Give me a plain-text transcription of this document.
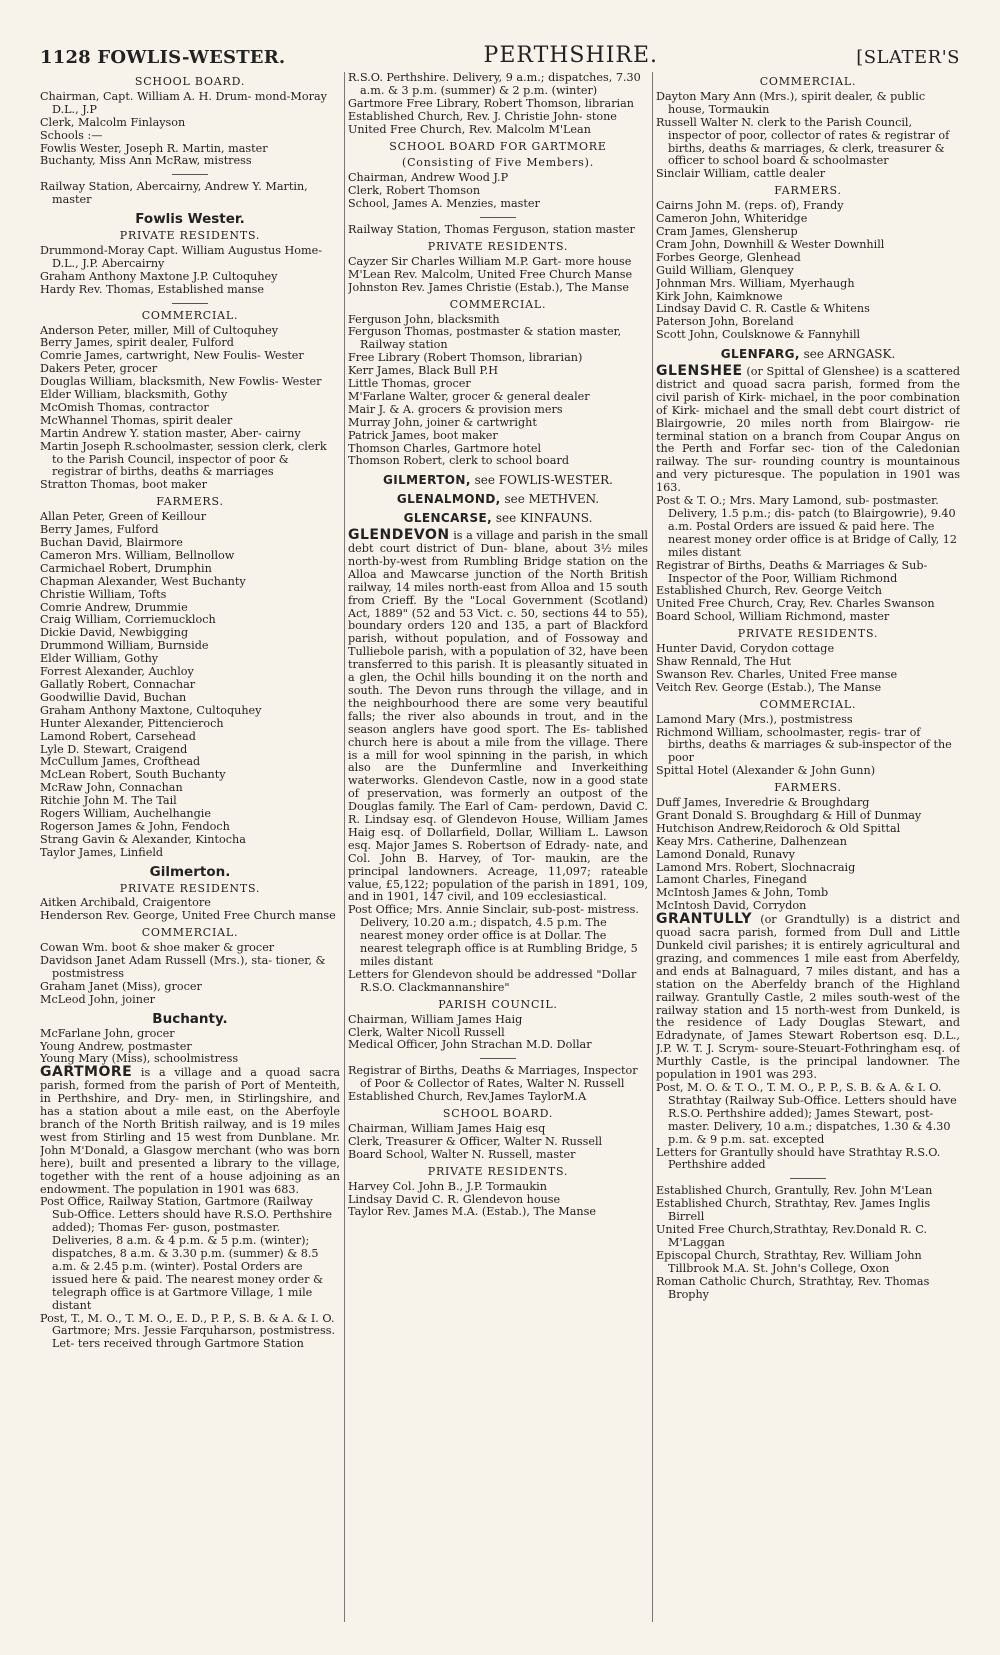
1128 FOWLIS-WESTER.	PERTHSHIRE.	[SLATER'S
SCHOOL BOARD.
Chairman, Capt. William A. H. Drum- mond-Moray D.L., J.P
Clerk, Malcolm Finlayson
Schools :—
Fowlis Wester, Joseph R. Martin, master
Buchanty, Miss Ann McRaw, mistress
Railway Station, Abercairny, Andrew Y. Martin, master
Fowlis Wester.
PRIVATE RESIDENTS.
Drummond-Moray Capt. William Augustus Home- D.L., J.P. Abercairny
Graham Anthony Maxtone J.P. Cultoquhey
Hardy Rev. Thomas, Established manse
COMMERCIAL.
Anderson Peter, miller, Mill of Cultoquhey
Berry James, spirit dealer, Fulford
Comrie James, cartwright, New Foulis- Wester
Dakers Peter, grocer
Douglas William, blacksmith, New Fowlis- Wester
Elder William, blacksmith, Gothy
McOmish Thomas, contractor
McWhannel Thomas, spirit dealer
Martin Andrew Y. station master, Aber- cairny
Martin Joseph R.schoolmaster, session clerk, clerk to the Parish Council, inspector of poor & registrar of births, deaths & marriages
Stratton Thomas, boot maker
FARMERS.
Allan Peter, Green of Keillour
Berry James, Fulford
Buchan David, Blairmore
Cameron Mrs. William, Bellnollow
Carmichael Robert, Drumphin
Chapman Alexander, West Buchanty
Christie William, Tofts
Comrie Andrew, Drummie
Craig William, Corriemuckloch
Dickie David, Newbigging
Drummond William, Burnside
Elder William, Gothy
Forrest Alexander, Auchloy
Gallatly Robert, Connachar
Goodwillie David, Buchan
Graham Anthony Maxtone, Cultoquhey
Hunter Alexander, Pittencieroch
Lamond Robert, Carsehead
Lyle D. Stewart, Craigend
McCullum James, Crofthead
McLean Robert, South Buchanty
McRaw John, Connachan
Ritchie John M. The Tail
Rogers William, Auchelhangie
Rogerson James & John, Fendoch
Strang Gavin & Alexander, Kintocha
Taylor James, Linfield
Gilmerton.
PRIVATE RESIDENTS.
Aitken Archibald, Craigentore
Henderson Rev. George, United Free Church manse
COMMERCIAL.
Cowan Wm. boot & shoe maker & grocer
Davidson Janet Adam Russell (Mrs.), sta- tioner, & postmistress
Graham Janet (Miss), grocer
McLeod John, joiner
Buchanty.
McFarlane John, grocer
Young Andrew, postmaster
Young Mary (Miss), schoolmistress
GARTMORE is a village and a quoad sacra parish, formed from the parish of Port of Menteith, in Perthshire, and Dry- men, in Stirlingshire, and has a station about a mile east, on the Aberfoyle branch of the North British railway, and is 19 miles west from Stirling and 15 west from Dunblane. Mr. John M'Donald, a Glasgow merchant (who was born here), built and presented a library to the village, together with the rent of a house adjoining as an endowment. The population in 1901 was 683.
Post Office, Railway Station, Gartmore (Railway Sub-Office. Letters should have R.S.O. Perthshire added); Thomas Fer- guson, postmaster. Deliveries, 8 a.m. & 4 p.m. & 5 p.m. (winter); dispatches, 8 a.m. & 3.30 p.m. (summer) & 8.5 a.m. & 2.45 p.m. (winter). Postal Orders are issued here & paid. The nearest money order & telegraph office is at Gartmore Village, 1 mile distant
Post, T., M. O., T. M. O., E. D., P. P., S. B. & A. & I. O. Gartmore; Mrs. Jessie Farquharson, postmistress. Let- ters received through Gartmore Station
R.S.O. Perthshire. Delivery, 9 a.m.; dispatches, 7.30 a.m. & 3 p.m. (summer) & 2 p.m. (winter)
Gartmore Free Library, Robert Thomson, librarian
Established Church, Rev. J. Christie John- stone
United Free Church, Rev. Malcolm M'Lean
SCHOOL BOARD FOR GARTMORE
(Consisting of Five Members).
Chairman, Andrew Wood J.P
Clerk, Robert Thomson
School, James A. Menzies, master
Railway Station, Thomas Ferguson, station master
PRIVATE RESIDENTS.
Cayzer Sir Charles William M.P. Gart- more house
M'Lean Rev. Malcolm, United Free Church Manse
Johnston Rev. James Christie (Estab.), The Manse
COMMERCIAL.
Ferguson John, blacksmith
Ferguson Thomas, postmaster & station master, Railway station
Free Library (Robert Thomson, librarian)
Kerr James, Black Bull P.H
Little Thomas, grocer
M'Farlane Walter, grocer & general dealer
Mair J. & A. grocers & provision mers
Murray John, joiner & cartwright
Patrick James, boot maker
Thomson Charles, Gartmore hotel
Thomson Robert, clerk to school board
GILMERTON, see FOWLIS-WESTER.
GLENALMOND, see METHVEN.
GLENCARSE, see KINFAUNS.
GLENDEVON is a village and parish in the small debt court district of Dun- blane, about 3½ miles north-by-west from Rumbling Bridge station on the Alloa and Mawcarse junction of the North British railway, 14 miles north-east from Alloa and 15 south from Crieff. By the "Local Government (Scotland) Act, 1889" (52 and 53 Vict. c. 50, sections 44 to 55), boundary orders 120 and 135, a part of Blackford parish, without population, and of Fossoway and Tulliebole parish, with a population of 32, have been transferred to this parish. It is pleasantly situated in a glen, the Ochil hills bounding it on the north and south. The Devon runs through the village, and in the neighbourhood there are some very beautiful falls; the river also abounds in trout, and in the season anglers have good sport. The Es- tablished church here is about a mile from the village. There is a mill for wool spinning in the parish, in which also are the Dunfermline and Inverkeithing waterworks. Glendevon Castle, now in a good state of preservation, was formerly an outpost of the Douglas family. The Earl of Cam- perdown, David C. R. Lindsay esq. of Glendevon House, William James Haig esq. of Dollarfield, Dollar, William L. Lawson esq. Major James S. Robertson of Edrady- nate, and Col. John B. Harvey, of Tor- maukin, are the principal landowners. Acreage, 11,097; rateable value, £5,122; population of the parish in 1891, 109, and in 1901, 147 civil, and 109 ecclesiastical.
Post Office; Mrs. Annie Sinclair, sub-post- mistress. Delivery, 10.20 a.m.; dispatch, 4.5 p.m. The nearest money order office is at Dollar. The nearest telegraph office is at Rumbling Bridge, 5 miles distant
Letters for Glendevon should be addressed "Dollar R.S.O. Clackmannanshire"
PARISH COUNCIL.
Chairman, William James Haig
Clerk, Walter Nicoll Russell
Medical Officer, John Strachan M.D. Dollar
Registrar of Births, Deaths & Marriages, Inspector of Poor & Collector of Rates, Walter N. Russell
Established Church, Rev.James TaylorM.A
SCHOOL BOARD.
Chairman, William James Haig esq
Clerk, Treasurer & Officer, Walter N. Russell
Board School, Walter N. Russell, master
PRIVATE RESIDENTS.
Harvey Col. John B., J.P. Tormaukin
Lindsay David C. R. Glendevon house
Taylor Rev. James M.A. (Estab.), The Manse
COMMERCIAL.
Dayton Mary Ann (Mrs.), spirit dealer, & public house, Tormaukin
Russell Walter N. clerk to the Parish Council, inspector of poor, collector of rates & registrar of births, deaths & marriages, & clerk, treasurer & officer to school board & schoolmaster
Sinclair William, cattle dealer
FARMERS.
Cairns John M. (reps. of), Frandy
Cameron John, Whiteridge
Cram James, Glensherup
Cram John, Downhill & Wester Downhill
Forbes George, Glenhead
Guild William, Glenquey
Johnman Mrs. William, Myerhaugh
Kirk John, Kaimknowe
Lindsay David C. R. Castle & Whitens
Paterson John, Boreland
Scott John, Coulsknowe & Fannyhill
GLENFARG, see ARNGASK.
GLENSHEE (or Spittal of Glenshee) is a scattered district and quoad sacra parish, formed from the civil parish of Kirk- michael, in the poor combination of Kirk- michael and the small debt court district of Blairgowrie, 20 miles north from Blairgow- rie terminal station on a branch from Coupar Angus on the Perth and Forfar sec- tion of the Caledonian railway. The sur- rounding country is mountainous and very picturesque. The population in 1901 was 163.
Post & T. O.; Mrs. Mary Lamond, sub- postmaster. Delivery, 1.5 p.m.; dis- patch (to Blairgowrie), 9.40 a.m. Postal Orders are issued & paid here. The nearest money order office is at Bridge of Cally, 12 miles distant
Registrar of Births, Deaths & Marriages & Sub-Inspector of the Poor, William Richmond
Established Church, Rev. George Veitch
United Free Church, Cray, Rev. Charles Swanson
Board School, William Richmond, master
PRIVATE RESIDENTS.
Hunter David, Corydon cottage
Shaw Rennald, The Hut
Swanson Rev. Charles, United Free manse
Veitch Rev. George (Estab.), The Manse
COMMERCIAL.
Lamond Mary (Mrs.), postmistress
Richmond William, schoolmaster, regis- trar of births, deaths & marriages & sub-inspector of the poor
Spittal Hotel (Alexander & John Gunn)
FARMERS.
Duff James, Inveredrie & Broughdarg
Grant Donald S. Broughdarg & Hill of Dunmay
Hutchison Andrew,Reidoroch & Old Spittal
Keay Mrs. Catherine, Dalhenzean
Lamond Donald, Runavy
Lamond Mrs. Robert, Slochnacraig
Lamont Charles, Finegand
McIntosh James & John, Tomb
McIntosh David, Corrydon
GRANTULLY (or Grandtully) is a district and quoad sacra parish, formed from Dull and Little Dunkeld civil parishes; it is entirely agricultural and grazing, and commences 1 mile east from Aberfeldy, and ends at Balnaguard, 7 miles distant, and has a station on the Aberfeldy branch of the Highland railway. Grantully Castle, 2 miles south-west of the railway station and 15 north-west from Dunkeld, is the residence of Lady Douglas Stewart, and Edradynate, of James Stewart Robertson esq. D.L., J.P. W. T. J. Scrym- soure-Steuart-Fothringham esq. of Murthly Castle, is the principal landowner. The population in 1901 was 293.
Post, M. O. & T. O., T. M. O., P. P., S. B. & A. & I. O. Strathtay (Railway Sub-Office. Letters should have R.S.O. Perthshire added); James Stewart, post- master. Delivery, 10 a.m.; dispatches, 1.30 & 4.30 p.m. & 9 p.m. sat. excepted
Letters for Grantully should have Strathtay R.S.O. Perthshire added
Established Church, Grantully, Rev. John M'Lean
Established Church, Strathtay, Rev. James Inglis Birrell
United Free Church,Strathtay, Rev.Donald R. C. M'Laggan
Episcopal Church, Strathtay, Rev. William John Tillbrook M.A. St. John's College, Oxon
Roman Catholic Church, Strathtay, Rev. Thomas Brophy
